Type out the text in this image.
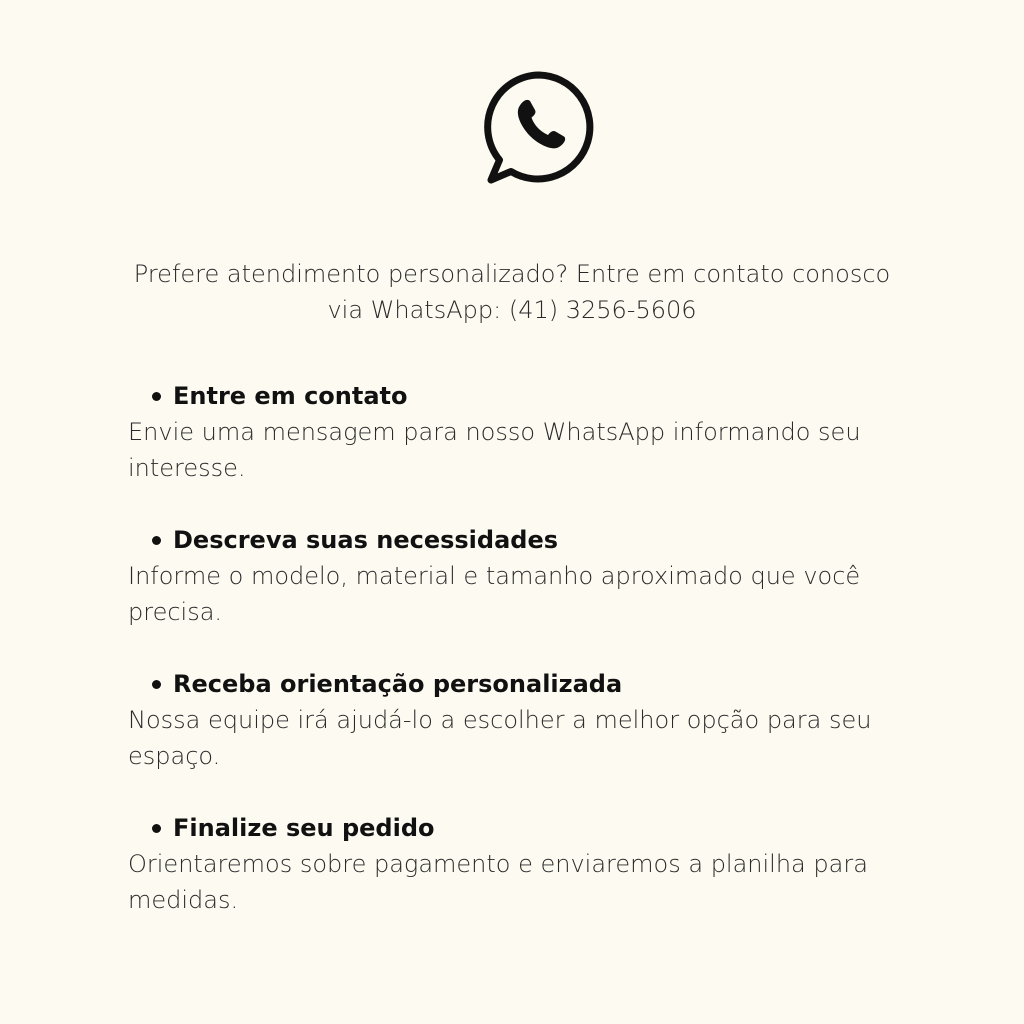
Prefere atendimento personalizado? Entre em contato conosco
via WhatsApp: (41) 3256-5606
Entre em contato
Envie uma mensagem para nosso WhatsApp informando seu interesse.
Descreva suas necessidades
Informe o modelo, material e tamanho aproximado que você precisa.
Receba orientação personalizada
Nossa equipe irá ajudá-lo a escolher a melhor opção para seu espaço.
Finalize seu pedido
Orientaremos sobre pagamento e enviaremos a planilha para medidas.
